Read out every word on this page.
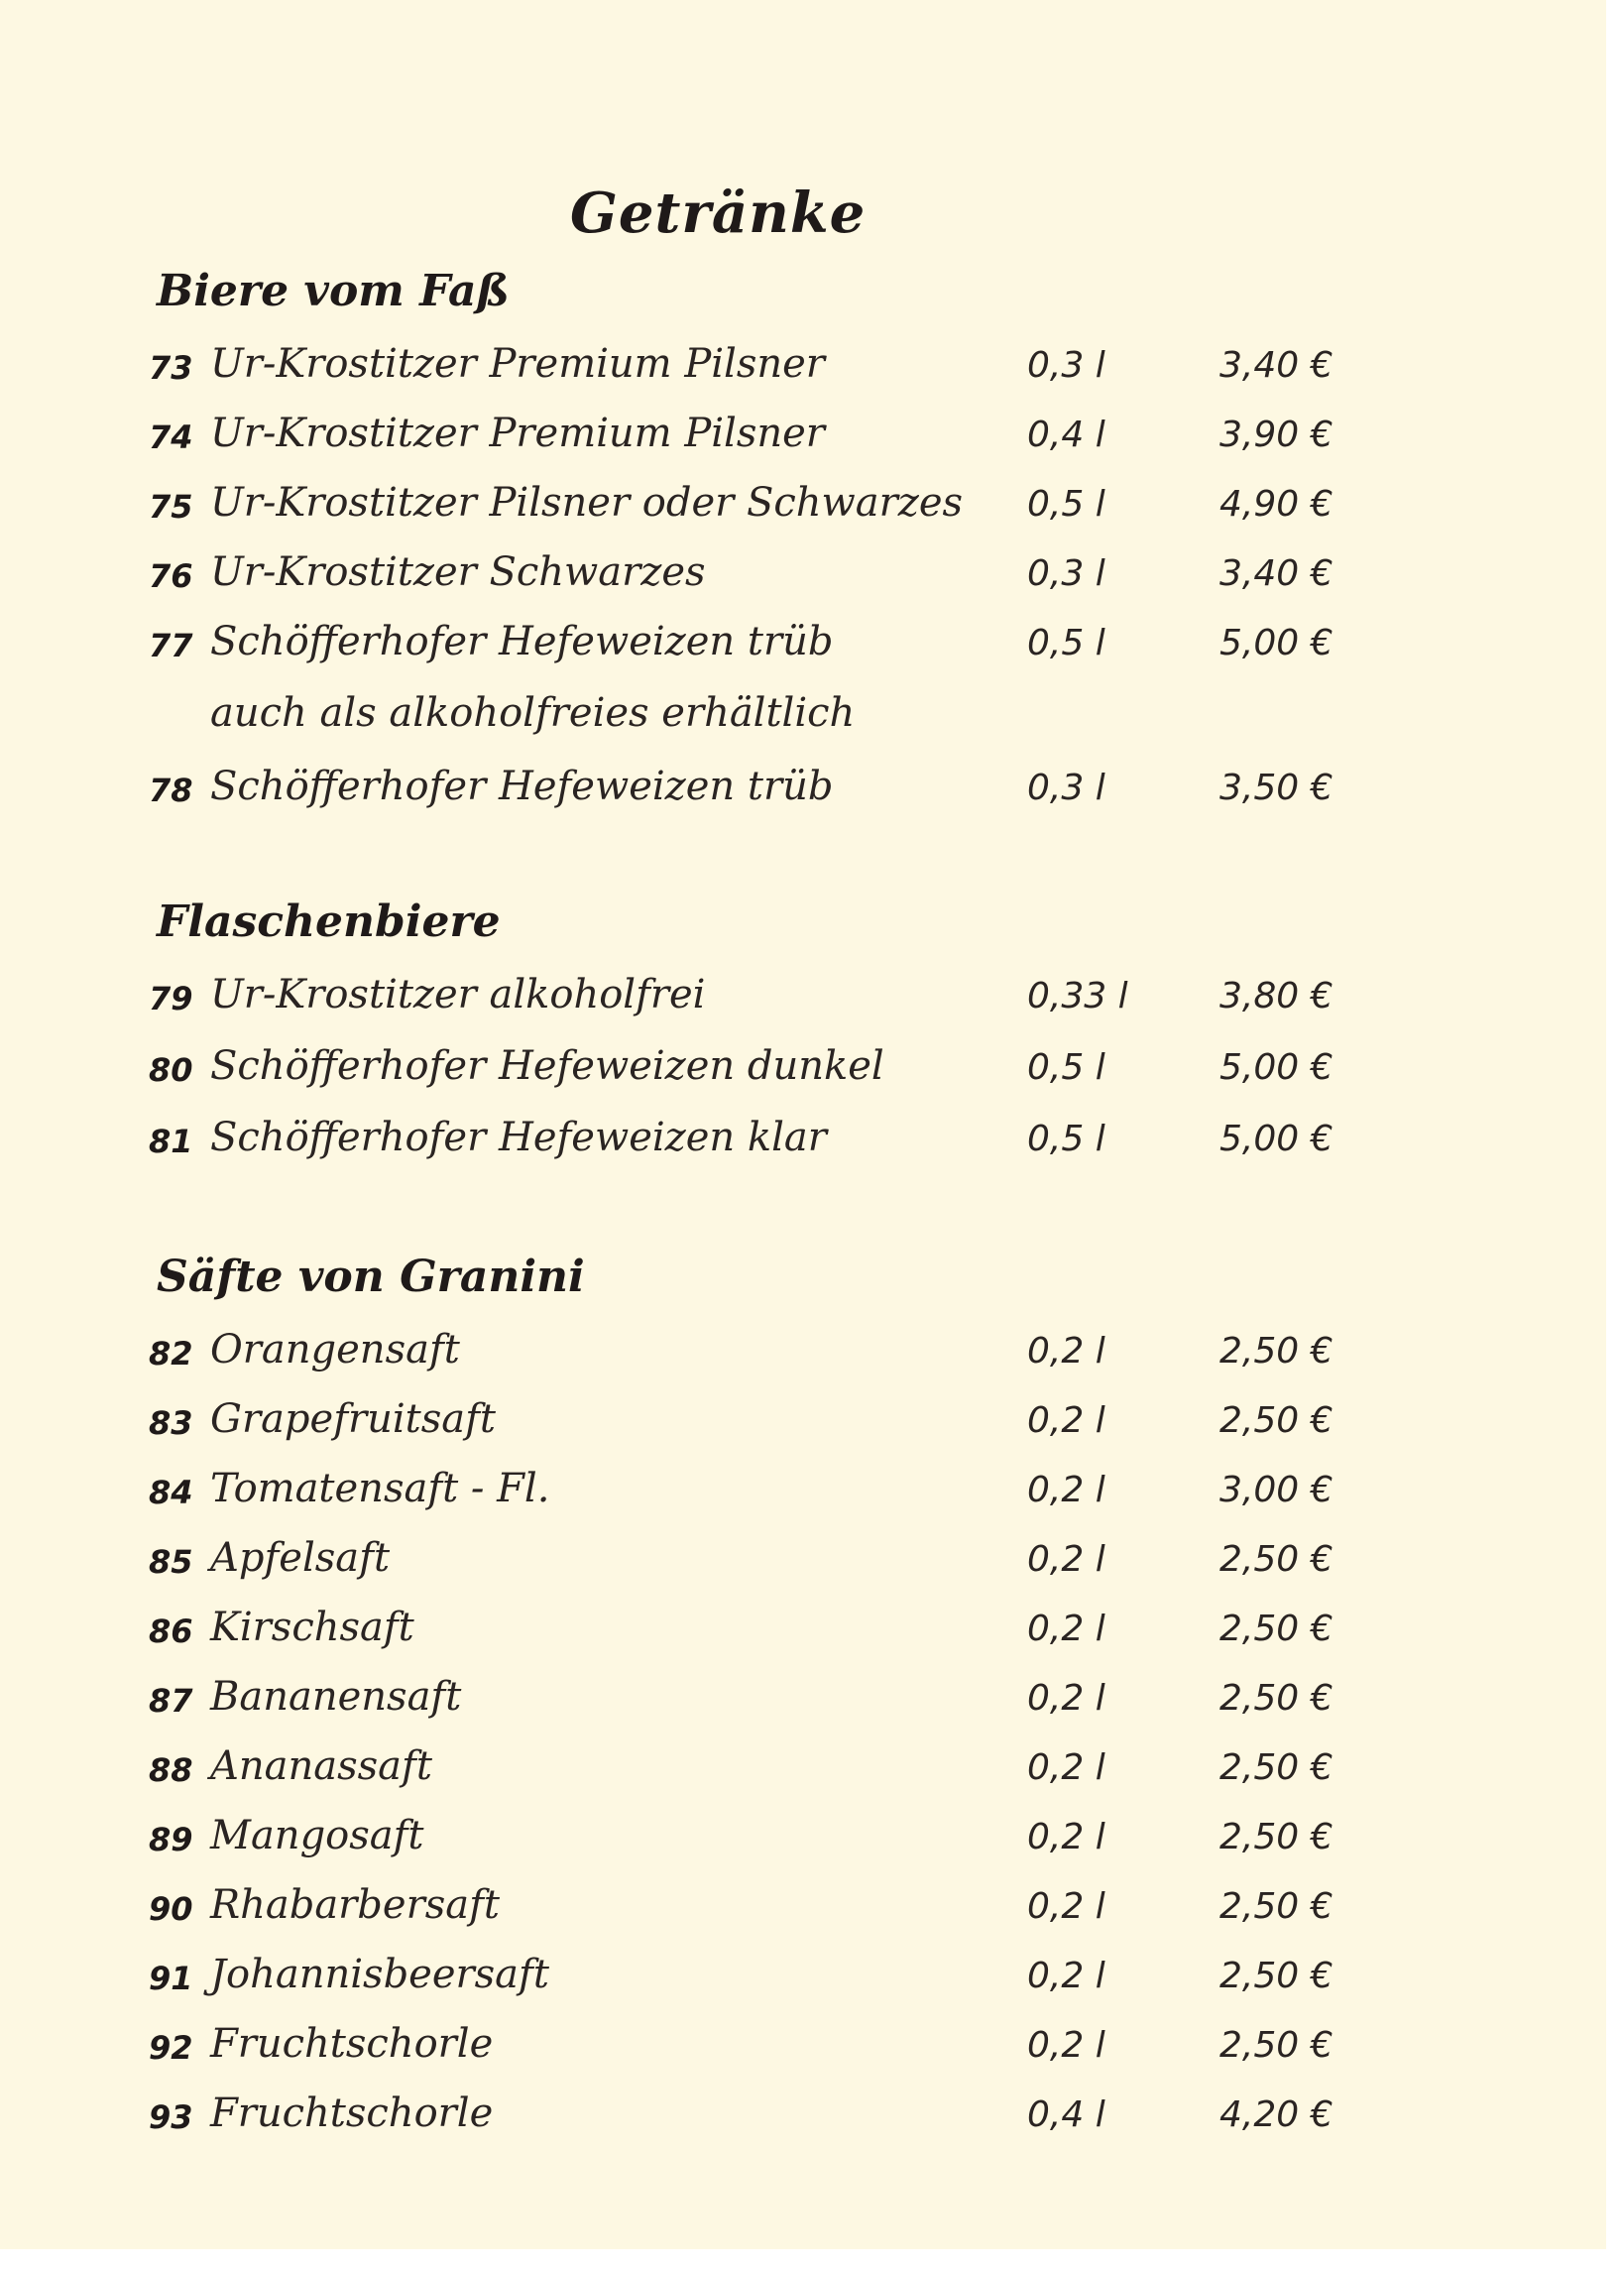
Getränke
Biere vom Faß
73 Ur-Krostitzer Premium Pilsner	0,3 l	3,40 €
74 Ur-Krostitzer Premium Pilsner	0,4 l	3,90 €
75 Ur-Krostitzer Pilsner oder Schwarzes 0,5 l	4,90 €
76 Ur-Krostitzer Schwarzes	0,3 l	3,40 €
77 Schöfferhofer Hefeweizen trüb	0,5 l	5,00 €
auch als alkoholfreies erhältlich
78 Schöfferhofer Hefeweizen trüb	0,3 l	3,50 €
Flaschenbiere
79 Ur-Krostitzer alkoholfrei	0,33 l	3,80 €
80 Schöfferhofer Hefeweizen dunkel	0,5 l	5,00 €
81 Schöfferhofer Hefeweizen klar	0,5 l	5,00 €
Säfte von Granini
82 Orangensaft	0,2 l	2,50 €
83 Grapefruitsaft	0,2 l	2,50 €
84 Tomatensaft - Fl.	0,2 l	3,00 €
85 Apfelsaft	0,2 l	2,50 €
86 Kirschsaft	0,2 l	2,50 €
87 Bananensaft	0,2 l	2,50 €
88 Ananassaft	0,2 l	2,50 €
89 Mangosaft	0,2 l	2,50 €
90 Rhabarbersaft	0,2 l	2,50 €
91 Johannisbeersaft	0,2 l	2,50 €
92 Fruchtschorle	0,2 l	2,50 €
93 Fruchtschorle	0,4 l	4,20 €
